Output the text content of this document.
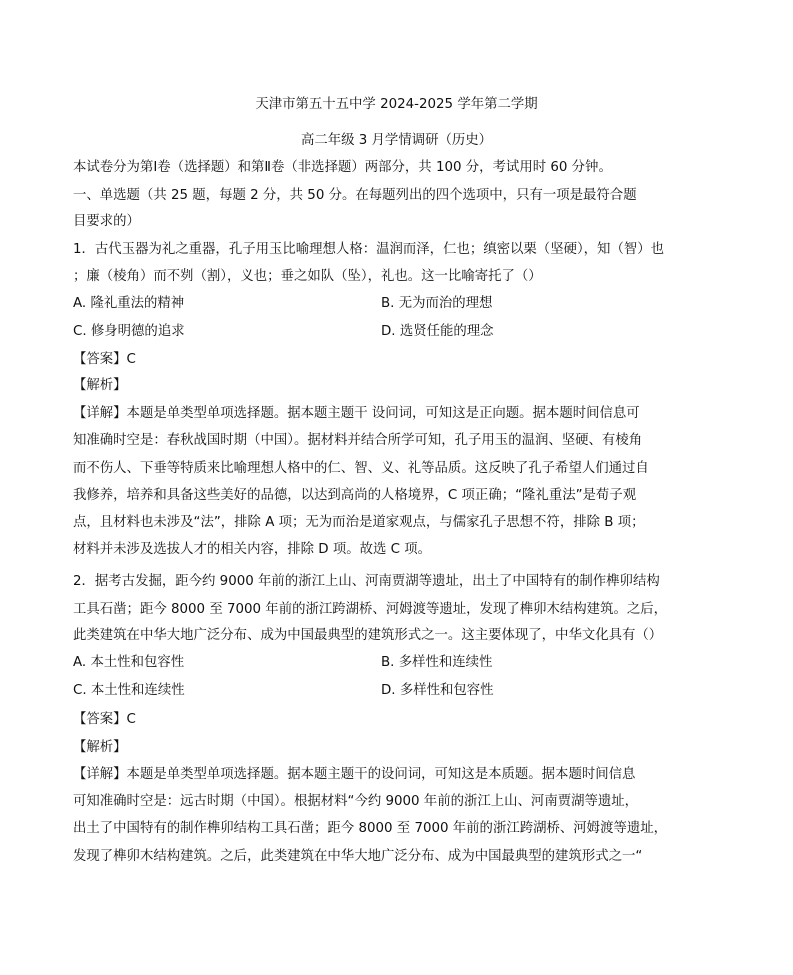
天津市第五十五中学 2024-2025 学年第二学期
高二年级 3 月学情调研（历史）
本试卷分为第Ⅰ卷（选择题）和第Ⅱ卷（非选择题）两部分，共 100 分，考试用时 60 分钟。
一、单选题（共 25 题，每题 2 分，共 50 分。在每题列出的四个选项中，只有一项是最符合题
目要求的）
1．古代玉器为礼之重器，孔子用玉比喻理想人格：温润而泽，仁也；缜密以栗（坚硬），知（智）也
；廉（棱角）而不刿（割），义也；垂之如队（坠），礼也。这一比喻寄托了（）
A. 隆礼重法的精神	B. 无为而治的理想
C. 修身明德的追求	D. 选贤任能的理念
【答案】C
【解析】
【详解】本题是单类型单项选择题。据本题主题干 设问词，可知这是正向题。据本题时间信息可
知准确时空是：春秋战国时期（中国）。据材料并结合所学可知，孔子用玉的温润、坚硬、有棱角
而不伤人、下垂等特质来比喻理想人格中的仁、智、义、礼等品质。这反映了孔子希望人们通过自
我修养，培养和具备这些美好的品德，以达到高尚的人格境界，C 项正确；“隆礼重法”是荀子观
点，且材料也未涉及“法”，排除 A 项；无为而治是道家观点，与儒家孔子思想不符，排除 B 项；
材料并未涉及选拔人才的相关内容，排除 D 项。故选 C 项。
2．据考古发掘，距今约 9000 年前的浙江上山、河南贾湖等遗址，出土了中国特有的制作榫卯结构
工具石凿；距今 8000 至 7000 年前的浙江跨湖桥、河姆渡等遗址，发现了榫卯木结构建筑。之后，
此类建筑在中华大地广泛分布、成为中国最典型的建筑形式之一。这主要体现了，中华文化具有（）
A. 本土性和包容性	B. 多样性和连续性
C. 本土性和连续性	D. 多样性和包容性
【答案】C
【解析】
【详解】本题是单类型单项选择题。据本题主题干的设问词，可知这是本质题。据本题时间信息
可知准确时空是：远古时期（中国）。根据材料“今约 9000 年前的浙江上山、河南贾湖等遗址，
出土了中国特有的制作榫卯结构工具石凿；距今 8000 至 7000 年前的浙江跨湖桥、河姆渡等遗址，
发现了榫卯木结构建筑。之后，此类建筑在中华大地广泛分布、成为中国最典型的建筑形式之一“
